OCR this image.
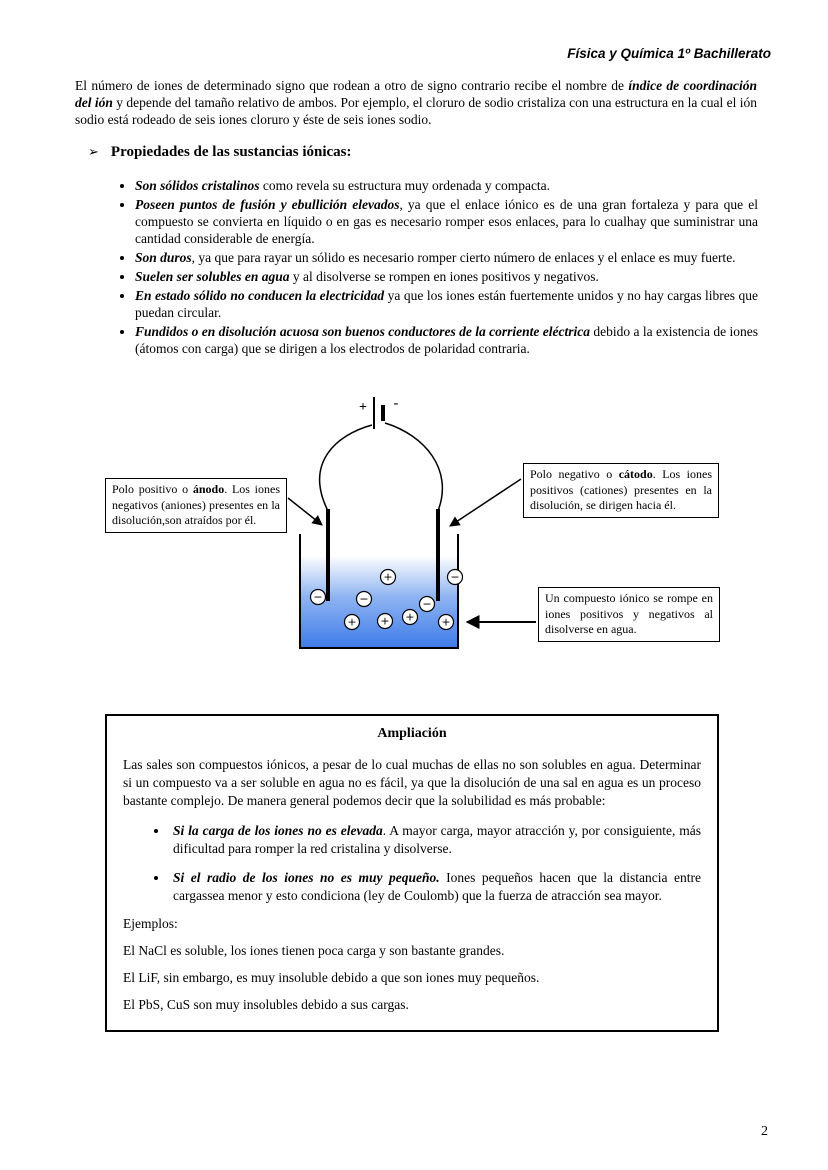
Física y Química 1º Bachillerato

El número de iones de determinado signo que rodean a otro de signo contrario recibe el nombre de índice de coordinación del ión y depende del tamaño relativo de ambos. Por ejemplo, el cloruro de sodio cristaliza con una estructura en la cual el ión sodio está rodeado de seis iones cloruro y éste de seis iones sodio.

➢ Propiedades de las sustancias iónicas:
• Son sólidos cristalinos como revela su estructura muy ordenada y compacta.
• Poseen puntos de fusión y ebullición elevados, ya que el enlace iónico es de una gran fortaleza y para que el compuesto se convierta en líquido o en gas es necesario romper esos enlaces, para lo cualhay que suministrar una cantidad considerable de energía.
• Son duros, ya que para rayar un sólido es necesario romper cierto número de enlaces y el enlace es muy fuerte.
• Suelen ser solubles en agua y al disolverse se rompen en iones positivos y negativos.
• En estado sólido no conducen la electricidad ya que los iones están fuertemente unidos y no hay cargas libres que puedan circular.
• Fundidos o en disolución acuosa son buenos conductores de la corriente eléctrica debido a la existencia de iones (átomos con carga) que se dirigen a los electrodos de polaridad contraria.
+ -
−	−
+
−
−
+ + + +
Polo positivo o ánodo. Los iones negativos (aniones) presentes en la disolución,son atraídos por él.
Polo negativo o cátodo. Los iones positivos (cationes) presentes en la disolución, se dirigen hacia él.
Un compuesto iónico se rompe en iones positivos y negativos al disolverse en agua.
Ampliación

Las sales son compuestos iónicos, a pesar de lo cual muchas de ellas no son solubles en agua. Determinar si un compuesto va a ser soluble en agua no es fácil, ya que la disolución de una sal en agua es un proceso bastante complejo. De manera general podemos decir que la solubilidad es más probable:

• Si la carga de los iones no es elevada. A mayor carga, mayor atracción y, por consiguiente, más dificultad para romper la red cristalina y disolverse.
• Si el radio de los iones no es muy pequeño. Iones pequeños hacen que la distancia entre cargassea menor y esto condiciona (ley de Coulomb) que la fuerza de atracción sea mayor.

Ejemplos:

El NaCl es soluble, los iones tienen poca carga y son bastante grandes.

El LiF, sin embargo, es muy insoluble debido a que son iones muy pequeños.

El PbS, CuS son muy insolubles debido a sus cargas.

2
